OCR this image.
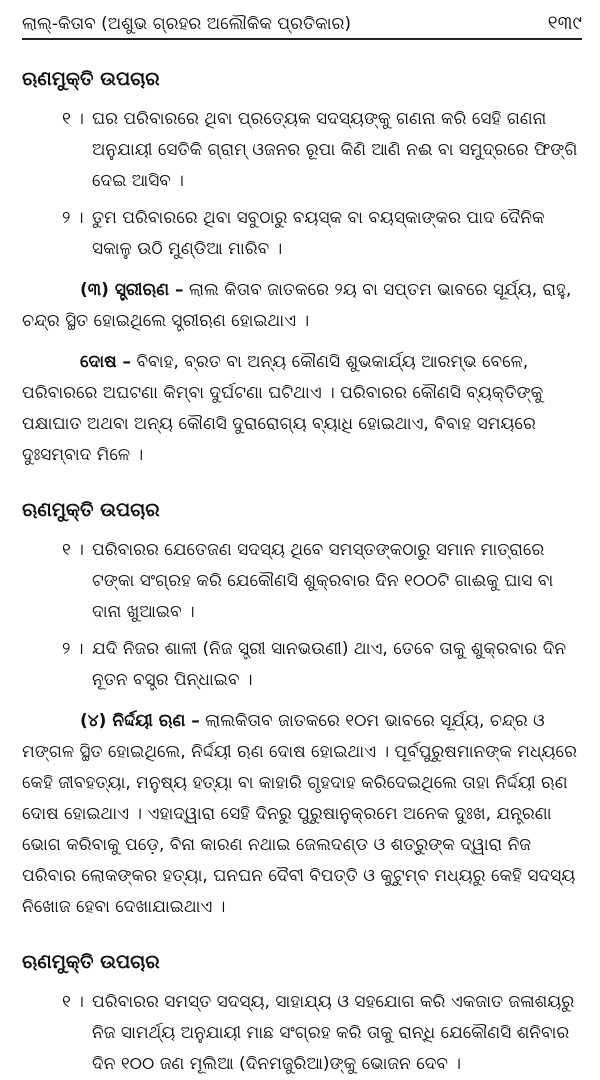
ଲାଲ୍-କିତାବ (ଅଶୁଭ ଗ୍ରହର ଅଲୌକିକ ପ୍ରତିକାର)	୧୩୯
ଋଣମୁକ୍ତି ଉପଚାର
୧ । ଘର ପରିବାରରେ ଥିବା ପ୍ରତ୍ୟେକ ସଦସ୍ୟଙ୍କୁ ଗଣନା କରି ସେହି ଗଣନା ଅନୁଯାୟୀ ସେତିକି ଗ୍ରାମ୍ ଓଜନର ରୂପା କିଣି ଆଣି ନଈ ବା ସମୁଦ୍ରରେ ଫିଙ୍ଗି ଦେଇ ଆସିବ ।
୨ । ତୁମ ପରିବାରରେ ଥିବା ସବୁଠାରୁ ବୟସ୍କ ବା ବୟସ୍କାଙ୍କର ପାଦ ଦୈନିକ ସକାଳୁ ଉଠି ମୁଣ୍ଡିଆ ମାରିବ ।

(୩) ସ୍ତ୍ରୀଋଣ – ଲାଲ କିତାବ ଜାତକରେ ୨ୟ ବା ସପ୍ତମ ଭାବରେ ସୂର୍ଯ୍ୟ, ରାହୁ, ଚନ୍ଦ୍ର ସ୍ଥିତ ହୋଇଥିଲେ ସ୍ତ୍ରୀଋଣ ହୋଇଥାଏ ।

ଦୋଷ – ବିବାହ, ବ୍ରତ ବା ଅନ୍ୟ କୌଣସି ଶୁଭକାର୍ଯ୍ୟ ଆରମ୍ଭ ବେଳେ, ପରିବାରରେ ଅଘଟଣା କିମ୍ବା ଦୁର୍ଘଟଣା ଘଟିଥାଏ । ପରିବାରର କୌଣସି ବ୍ୟକ୍ତିଙ୍କୁ ପକ୍ଷାଘାତ ଅଥବା ଅନ୍ୟ କୌଣସି ଦୁରାରୋଗ୍ୟ ବ୍ୟାଧି ହୋଇଥାଏ, ବିବାହ ସମୟରେ ଦୁଃସମ୍ବାଦ ମିଳେ ।

ଋଣମୁକ୍ତି ଉପଚାର
୧ । ପରିବାରର ଯେତେଜଣ ସଦସ୍ୟ ଥିବେ ସମସ୍ତଙ୍କଠାରୁ ସମାନ ମାତ୍ରାରେ ଟଙ୍କା ସଂଗ୍ରହ କରି ଯେକୌଣସି ଶୁକ୍ରବାର ଦିନ ୧୦୦ଟି ଗାଈକୁ ଘାସ ବା ଦାନା ଖୁଆଇବ ।
୨ । ଯଦି ନିଜର ଶାଳୀ (ନିଜ ସ୍ତ୍ରୀ ସାନଭଉଣୀ) ଥାଏ, ତେବେ ତାକୁ ଶୁକ୍ରବାର ଦିନ ନୂତନ ବସ୍ତ୍ର ପିନ୍ଧାଇବ ।

(୪) ନିର୍ଦ୍ଦୟୀ ଋଣ – ଲାଲକିତାବ ଜାତକରେ ୧୦ମ ଭାବରେ ସୂର୍ଯ୍ୟ, ଚନ୍ଦ୍ର ଓ ମଙ୍ଗଳ ସ୍ଥିତ ହୋଇଥିଲେ, ନିର୍ଦ୍ଦୟୀ ଋଣ ଦୋଷ ହୋଇଥାଏ । ପୂର୍ବପୁରୁଷମାନଙ୍କ ମଧ୍ୟରେ କେହି ଜୀବହତ୍ୟା, ମନୁଷ୍ୟ ହତ୍ୟା ବା କାହାରି ଗୃହଦାହ କରିଦେଇଥିଲେ ତାହା ନିର୍ଦ୍ଦୟୀ ଋଣ ଦୋଷ ହୋଇଥାଏ । ଏହାଦ୍ୱାରା ସେହି ଦିନରୁ ପୁରୁଷାନୁକ୍ରମେ ଅନେକ ଦୁଃଖ, ଯନ୍ତ୍ରଣା ଭୋଗ କରିବାକୁ ପଡ଼େ, ବିନା କାରଣ ନଥାଇ ଜେଲଦଣ୍ଡ ଓ ଶତ୍ରୁଙ୍କ ଦ୍ୱାରା ନିଜ ପରିବାର ଲୋକଙ୍କର ହତ୍ୟା, ଘନଘନ ଦୈବୀ ବିପତ୍ତି ଓ କୁଟୁମ୍ବ ମଧ୍ୟରୁ କେହି ସଦସ୍ୟ ନିଖୋଜ ହେବା ଦେଖାଯାଇଥାଏ ।

ଋଣମୁକ୍ତି ଉପଚାର
୧ । ପରିବାରର ସମସ୍ତ ସଦସ୍ୟ, ସାହାଯ୍ୟ ଓ ସହଯୋଗ କରି ଏକଜାତ ଜଳାଶୟରୁ ନିଜ ସାମର୍ଥ୍ୟ ଅନୁଯାୟୀ ମାଛ ସଂଗ୍ରହ କରି ତାକୁ ରାନ୍ଧି ଯେକୌଣସି ଶନିବାର ଦିନ ୧୦୦ ଜଣ ମୂଲିଆ (ଦିନମଜୁରିଆ)ଙ୍କୁ ଭୋଜନ ଦେବ ।
